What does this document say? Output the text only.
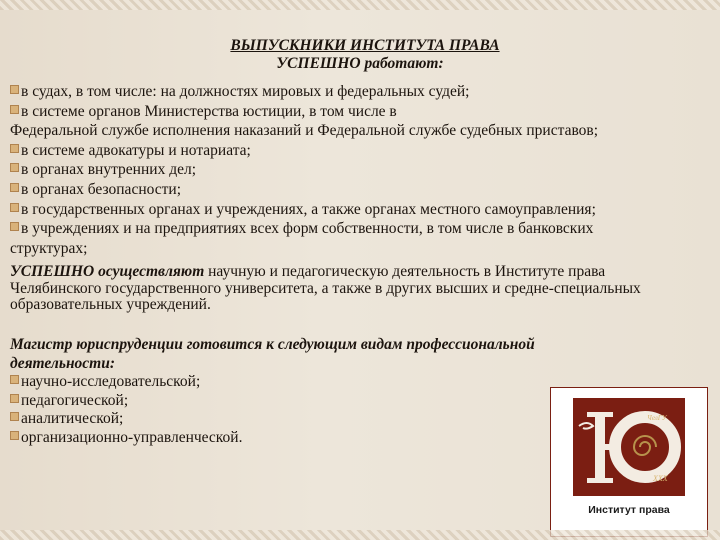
ВЫПУСКНИКИ ИНСТИТУТА ПРАВА
УСПЕШНО работают:
в судах, в том числе: на должностях мировых и федеральных судей;
в системе органов Министерства юстиции, в том числе в
Федеральной службе исполнения наказаний и Федеральной службе судебных приставов;
в системе адвокатуры и нотариата;
в органах внутренних дел;
в органах безопасности;
в государственных органах и учреждениях, а также органах местного самоуправления;
в учреждениях и на предприятиях всех форм собственности, в том числе в банковских
структурах;
УСПЕШНО осуществляют научную и педагогическую деятельность в Институте права Челябинского государственного университета, а также в других высших и средне-специальных образовательных учреждений.
Магистр юриспруденции готовится к следующим видам профессиональной деятельности:
научно-исследовательской;
педагогической;
аналитической;
организационно-управленческой.
ЧелГУ
XXX
Институт права
